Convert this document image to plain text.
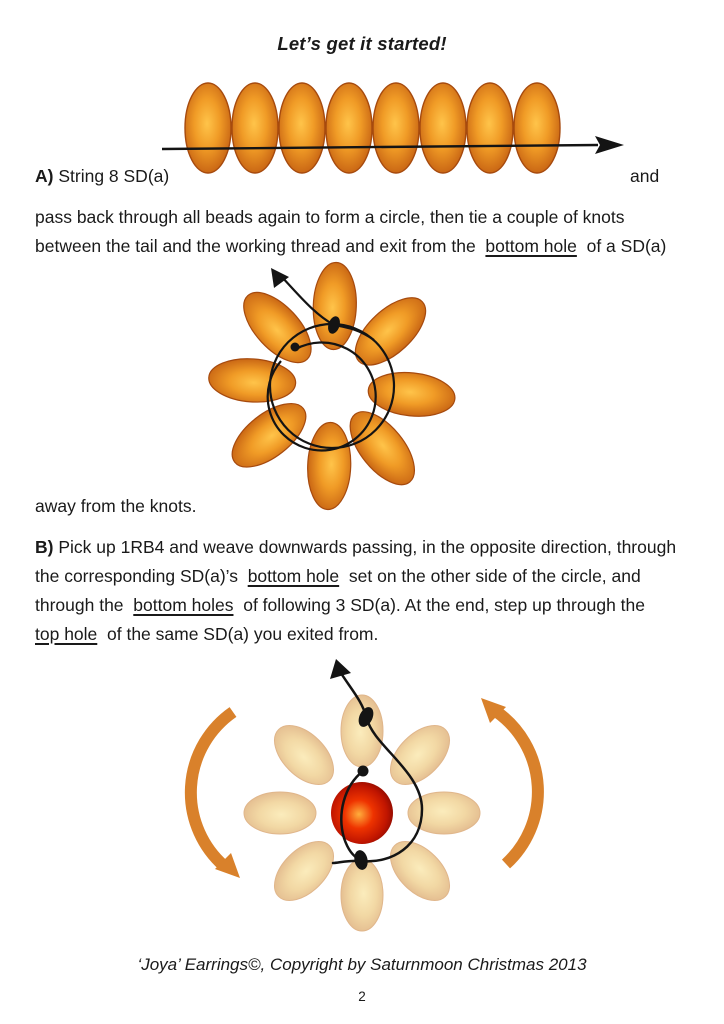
Let’s get it started!
A) String 8 SD(a)	and
pass back through all beads again to form a circle, then tie a couple of knots
between the tail and the working thread and exit from the  bottom hole  of a SD(a)
away from the knots.
B) Pick up 1RB4 and weave downwards passing, in the opposite direction, through
the corresponding SD(a)’s  bottom hole  set on the other side of the circle, and
through the  bottom holes  of following 3 SD(a). At the end, step up through the
top hole  of the same SD(a) you exited from.
‘Joya’ Earrings©, Copyright by Saturnmoon Christmas 2013
2
